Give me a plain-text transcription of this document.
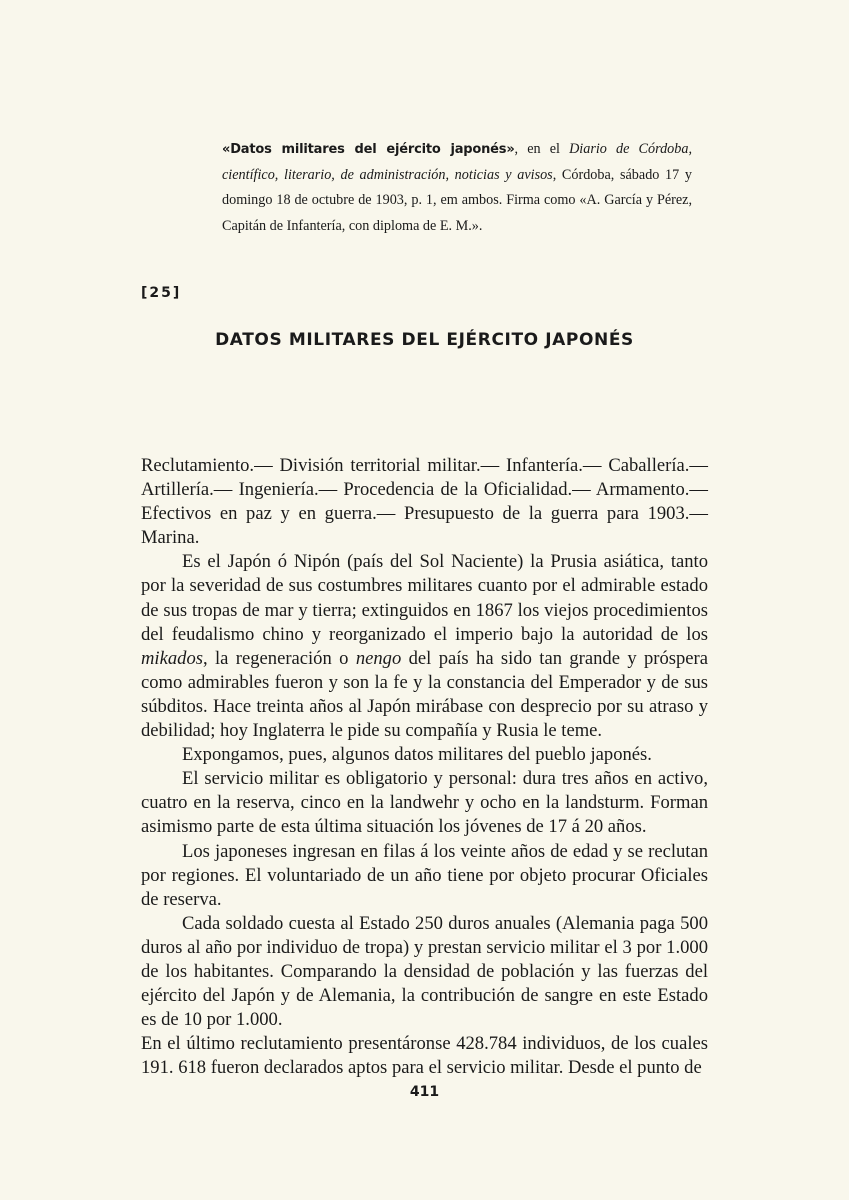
«Datos militares del ejército japonés», en el Diario de Córdoba, científico, literario, de administración, noticias y avisos, Córdoba, sábado 17 y domingo 18 de octubre de 1903, p. 1, em ambos. Firma como «A. García y Pérez, Capitán de Infantería, con diploma de E. M.».
[25]
DATOS MILITARES DEL EJÉRCITO JAPONÉS

Reclutamiento.— División territorial militar.— Infantería.— Caballería.— Artillería.— Ingeniería.— Procedencia de la Oficialidad.— Armamento.— Efectivos en paz y en guerra.— Presupuesto de la guerra para 1903.— Marina.

Es el Japón ó Nipón (país del Sol Naciente) la Prusia asiática, tanto por la severidad de sus costumbres militares cuanto por el admirable estado de sus tropas de mar y tierra; extinguidos en 1867 los viejos procedimientos del feudalismo chino y reorganizado el imperio bajo la autoridad de los mikados, la regeneración o nengo del país ha sido tan grande y próspera como admirables fueron y son la fe y la constancia del Emperador y de sus súbditos. Hace treinta años al Japón mirábase con desprecio por su atraso y debilidad; hoy Inglaterra le pide su compañía y Rusia le teme.

Expongamos, pues, algunos datos militares del pueblo japonés.

El servicio militar es obligatorio y personal: dura tres años en activo, cuatro en la reserva, cinco en la landwehr y ocho en la landsturm. Forman asimismo parte de esta última situación los jóvenes de 17 á 20 años.

Los japoneses ingresan en filas á los veinte años de edad y se reclutan por regiones. El voluntariado de un año tiene por objeto procurar Oficiales de reserva.

Cada soldado cuesta al Estado 250 duros anuales (Alemania paga 500 duros al año por individuo de tropa) y prestan servicio militar el 3 por 1.000 de los habitantes. Comparando la densidad de población y las fuerzas del ejército del Japón y de Alemania, la contribución de sangre en este Estado es de 10 por 1.000.

En el último reclutamiento presentáronse 428.784 individuos, de los cuales 191. 618 fueron declarados aptos para el servicio militar. Desde el punto de

411
